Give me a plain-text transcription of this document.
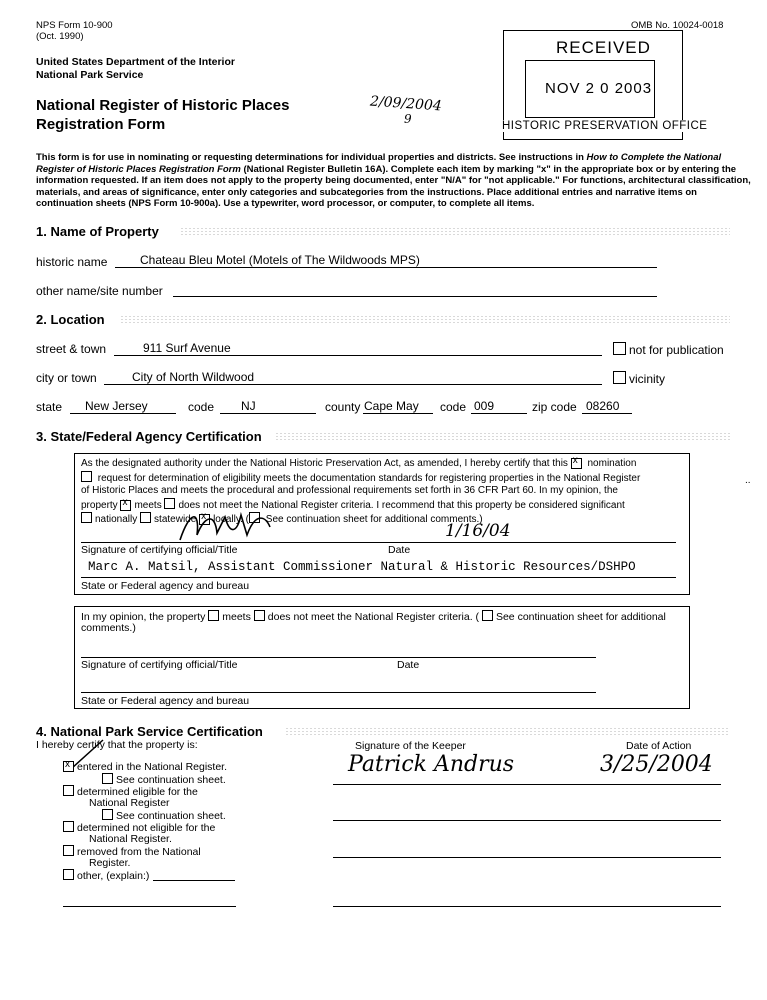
NPS Form 10-900
(Oct. 1990)
OMB No. 10024-0018
United States Department of the Interior
National Park Service
National Register of Historic Places
Registration Form
2/09/2004
9
RECEIVED
NOV 2 0 2003
HISTORIC PRESERVATION OFFICE
This form is for use in nominating or requesting determinations for individual properties and districts. See instructions in How to Complete the National
Register of Historic Places Registration Form (National Register Bulletin 16A). Complete each item by marking "x" in the appropriate box or by entering the
information requested. If an item does not apply to the property being documented, enter "N/A" for "not applicable." For functions, architectural classification,
materials, and areas of significance, enter only categories and subcategories from the instructions. Place additional entries and narrative items on
continuation sheets (NPS Form 10-900a). Use a typewriter, word processor, or computer, to complete all items.
1. Name of Property
historic name	Chateau Bleu Motel (Motels of The Wildwoods MPS)
other name/site number
2. Location
street & town	911 Surf Avenue	not for publication
city or town	City of North Wildwood	vicinity
state New Jersey	code NJ	county Cape May code 009	zip code 08260
3. State/Federal Agency Certification
As the designated authority under the National Historic Preservation Act, as amended, I hereby certify that this x nomination
request for determination of eligibility meets the documentation standards for registering properties in the National Register
of Historic Places and meets the procedural and professional requirements set forth in 36 CFR Part 60. In my opinion, the
property x meets does not meet the National Register criteria. I recommend that this property be considered significant
nationally statewide x locally. ( See continuation sheet for additional comments.)
1/16/04
Signature of certifying official/Title	Date
Marc A. Matsil, Assistant Commissioner Natural & Historic Resources/DSHPO
State or Federal agency and bureau
In my opinion, the property meets does not meet the National Register criteria. ( See continuation sheet for additional
comments.)
Signature of certifying official/Title	Date
State or Federal agency and bureau
4. National Park Service Certification
I hereby certify that the property is:	Signature of the Keeper	Date of Action
Patrick Andrus	3/25/2004
xentered in the National Register.
See continuation sheet.
determined eligible for the
National Register
See continuation sheet.
determined not eligible for the
National Register.
removed from the National
Register.
other, (explain:)
..
